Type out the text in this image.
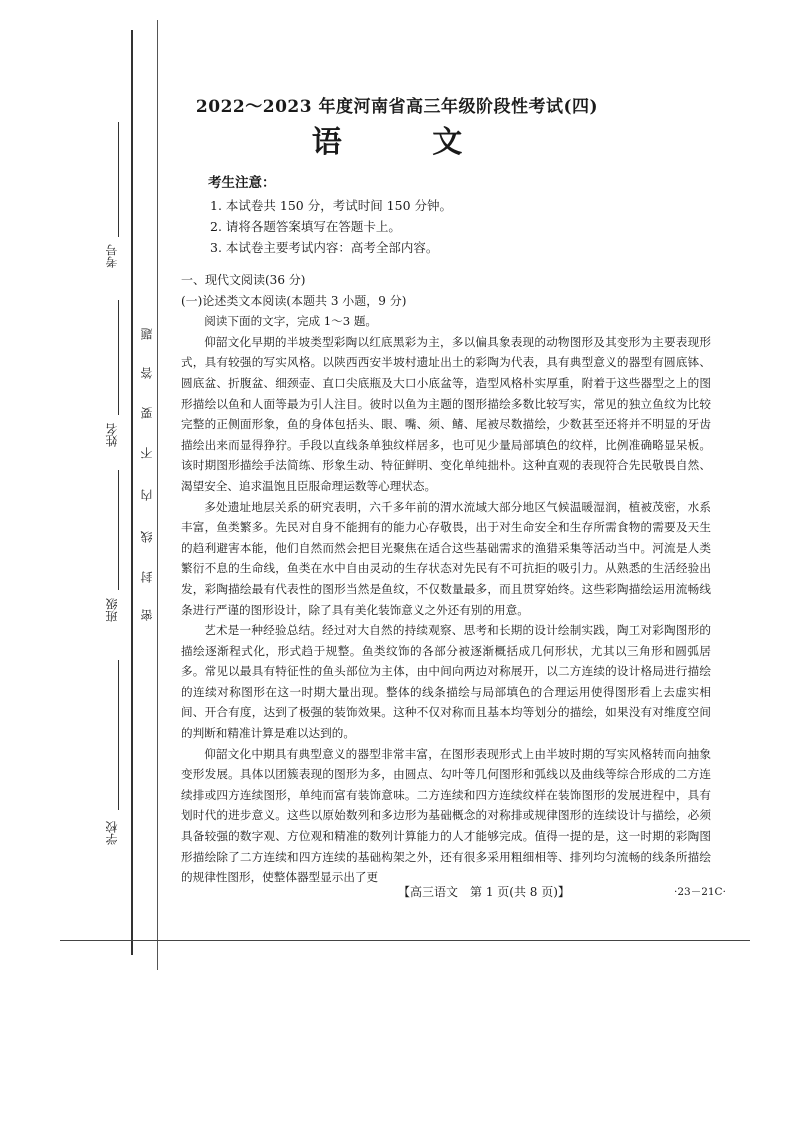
考号
姓名
班级
学校
题
答
要
不
内
线
封
密
2022～2023 年度河南省高三年级阶段性考试(四)
语 文
考生注意：
1. 本试卷共 150 分，考试时间 150 分钟。
2. 请将各题答案填写在答题卡上。
3. 本试卷主要考试内容：高考全部内容。
一、现代文阅读(36 分)
(一)论述类文本阅读(本题共 3 小题，9 分)

阅读下面的文字，完成 1～3 题。

仰韶文化早期的半坡类型彩陶以红底黑彩为主，多以偏具象表现的动物图形及其变形为主要表现形式，具有较强的写实风格。以陕西西安半坡村遗址出土的彩陶为代表，具有典型意义的器型有圆底钵、圆底盆、折腹盆、细颈壶、直口尖底瓶及大口小底盆等，造型风格朴实厚重，附着于这些器型之上的图形描绘以鱼和人面等最为引人注目。彼时以鱼为主题的图形描绘多数比较写实，常见的独立鱼纹为比较完整的正侧面形象，鱼的身体包括头、眼、嘴、须、鳍、尾被尽数描绘，少数甚至还将并不明显的牙齿描绘出来而显得狰狞。手段以直线条单独纹样居多，也可见少量局部填色的纹样，比例准确略显呆板。该时期图形描绘手法简练、形象生动、特征鲜明、变化单纯拙朴。这种直观的表现符合先民敬畏自然、渴望安全、追求温饱且臣服命理运数等心理状态。

多处遗址地层关系的研究表明，六千多年前的渭水流域大部分地区气候温暖湿润，植被茂密，水系丰富，鱼类繁多。先民对自身不能拥有的能力心存敬畏，出于对生命安全和生存所需食物的需要及天生的趋利避害本能，他们自然而然会把目光聚焦在适合这些基础需求的渔猎采集等活动当中。河流是人类繁衍不息的生命线，鱼类在水中自由灵动的生存状态对先民有不可抗拒的吸引力。从熟悉的生活经验出发，彩陶描绘最有代表性的图形当然是鱼纹，不仅数量最多，而且贯穿始终。这些彩陶描绘运用流畅线条进行严谨的图形设计，除了具有美化装饰意义之外还有别的用意。

艺术是一种经验总结。经过对大自然的持续观察、思考和长期的设计绘制实践，陶工对彩陶图形的描绘逐渐程式化，形式趋于规整。鱼类纹饰的各部分被逐渐概括成几何形状，尤其以三角形和圆弧居多。常见以最具有特征性的鱼头部位为主体，由中间向两边对称展开，以二方连续的设计格局进行描绘的连续对称图形在这一时期大量出现。整体的线条描绘与局部填色的合理运用使得图形看上去虚实相间、开合有度，达到了极强的装饰效果。这种不仅对称而且基本均等划分的描绘，如果没有对维度空间的判断和精准计算是难以达到的。

仰韶文化中期具有典型意义的器型非常丰富，在图形表现形式上由半坡时期的写实风格转而向抽象变形发展。具体以团簇表现的图形为多，由圆点、勾叶等几何图形和弧线以及曲线等综合形成的二方连续排或四方连续图形，单纯而富有装饰意味。二方连续和四方连续纹样在装饰图形的发展进程中，具有划时代的进步意义。这些以原始数列和多边形为基础概念的对称排或规律图形的连续设计与描绘，必须具备较强的数字观、方位观和精准的数列计算能力的人才能够完成。值得一提的是，这一时期的彩陶图形描绘除了二方连续和四方连续的基础构架之外，还有很多采用粗细相等、排列均匀流畅的线条所描绘的规律性图形，使整体器型显示出了更

【高三语文　第 1 页(共 8 页)】	·23－21C·
